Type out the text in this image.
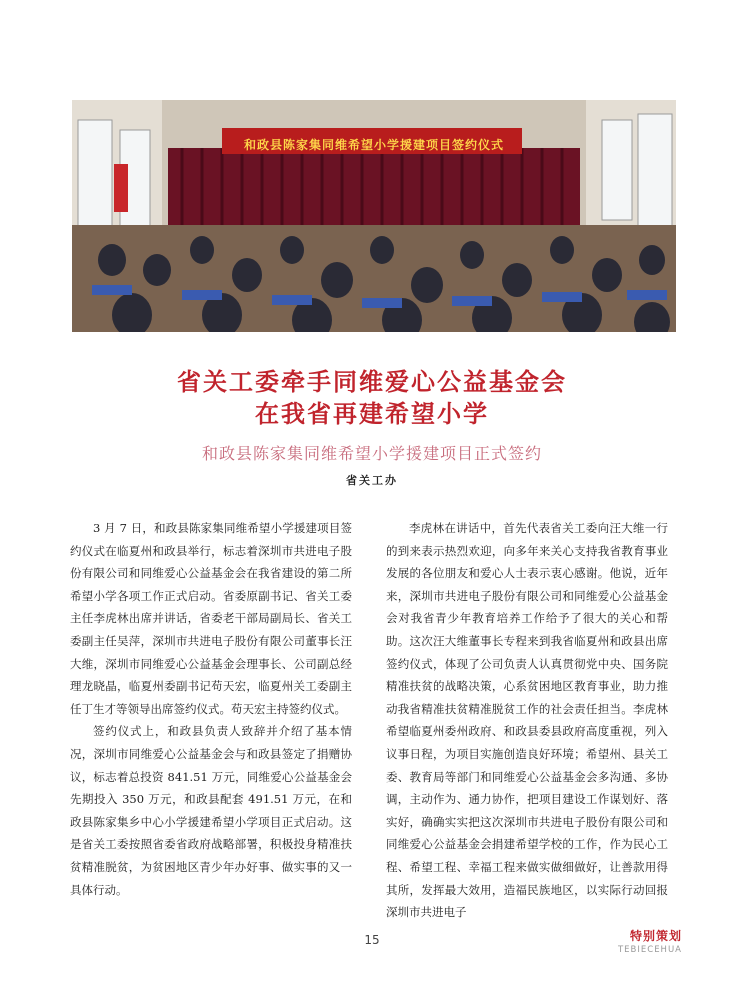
和政县陈家集同维希望小学援建项目签约仪式
省关工委牵手同维爱心公益基金会
在我省再建希望小学
和政县陈家集同维希望小学援建项目正式签约
省关工办

3 月 7 日，和政县陈家集同维希望小学援建项目签约仪式在临夏州和政县举行，标志着深圳市共进电子股份有限公司和同维爱心公益基金会在我省建设的第二所希望小学各项工作正式启动。省委原副书记、省关工委主任李虎林出席并讲话，省委老干部局副局长、省关工委副主任吴萍，深圳市共进电子股份有限公司董事长汪大维，深圳市同维爱心公益基金会理事长、公司副总经理龙晓晶，临夏州委副书记苟天宏，临夏州关工委副主任丁生才等领导出席签约仪式。苟天宏主持签约仪式。

签约仪式上，和政县负责人致辞并介绍了基本情况，深圳市同维爱心公益基金会与和政县签定了捐赠协议，标志着总投资 841.51 万元，同维爱心公益基金会先期投入 350 万元，和政县配套 491.51 万元，在和政县陈家集乡中心小学援建希望小学项目正式启动。这是省关工委按照省委省政府战略部署，积极投身精准扶贫精准脱贫，为贫困地区青少年办好事、做实事的又一具体行动。

李虎林在讲话中，首先代表省关工委向汪大维一行的到来表示热烈欢迎，向多年来关心支持我省教育事业发展的各位朋友和爱心人士表示衷心感谢。他说，近年来，深圳市共进电子股份有限公司和同维爱心公益基金会对我省青少年教育培养工作给予了很大的关心和帮助。这次汪大维董事长专程来到我省临夏州和政县出席签约仪式，体现了公司负责人认真贯彻党中央、国务院精准扶贫的战略决策，心系贫困地区教育事业，助力推动我省精准扶贫精准脱贫工作的社会责任担当。李虎林希望临夏州委州政府、和政县委县政府高度重视，列入议事日程，为项目实施创造良好环境；希望州、县关工委、教育局等部门和同维爱心公益基金会多沟通、多协调，主动作为、通力协作，把项目建设工作谋划好、落实好，确确实实把这次深圳市共进电子股份有限公司和同维爱心公益基金会捐建希望学校的工作，作为民心工程、希望工程、幸福工程来做实做细做好，让善款用得其所，发挥最大效用，造福民族地区，以实际行动回报深圳市共进电子

15	特别策划
TEBIECEHUA
